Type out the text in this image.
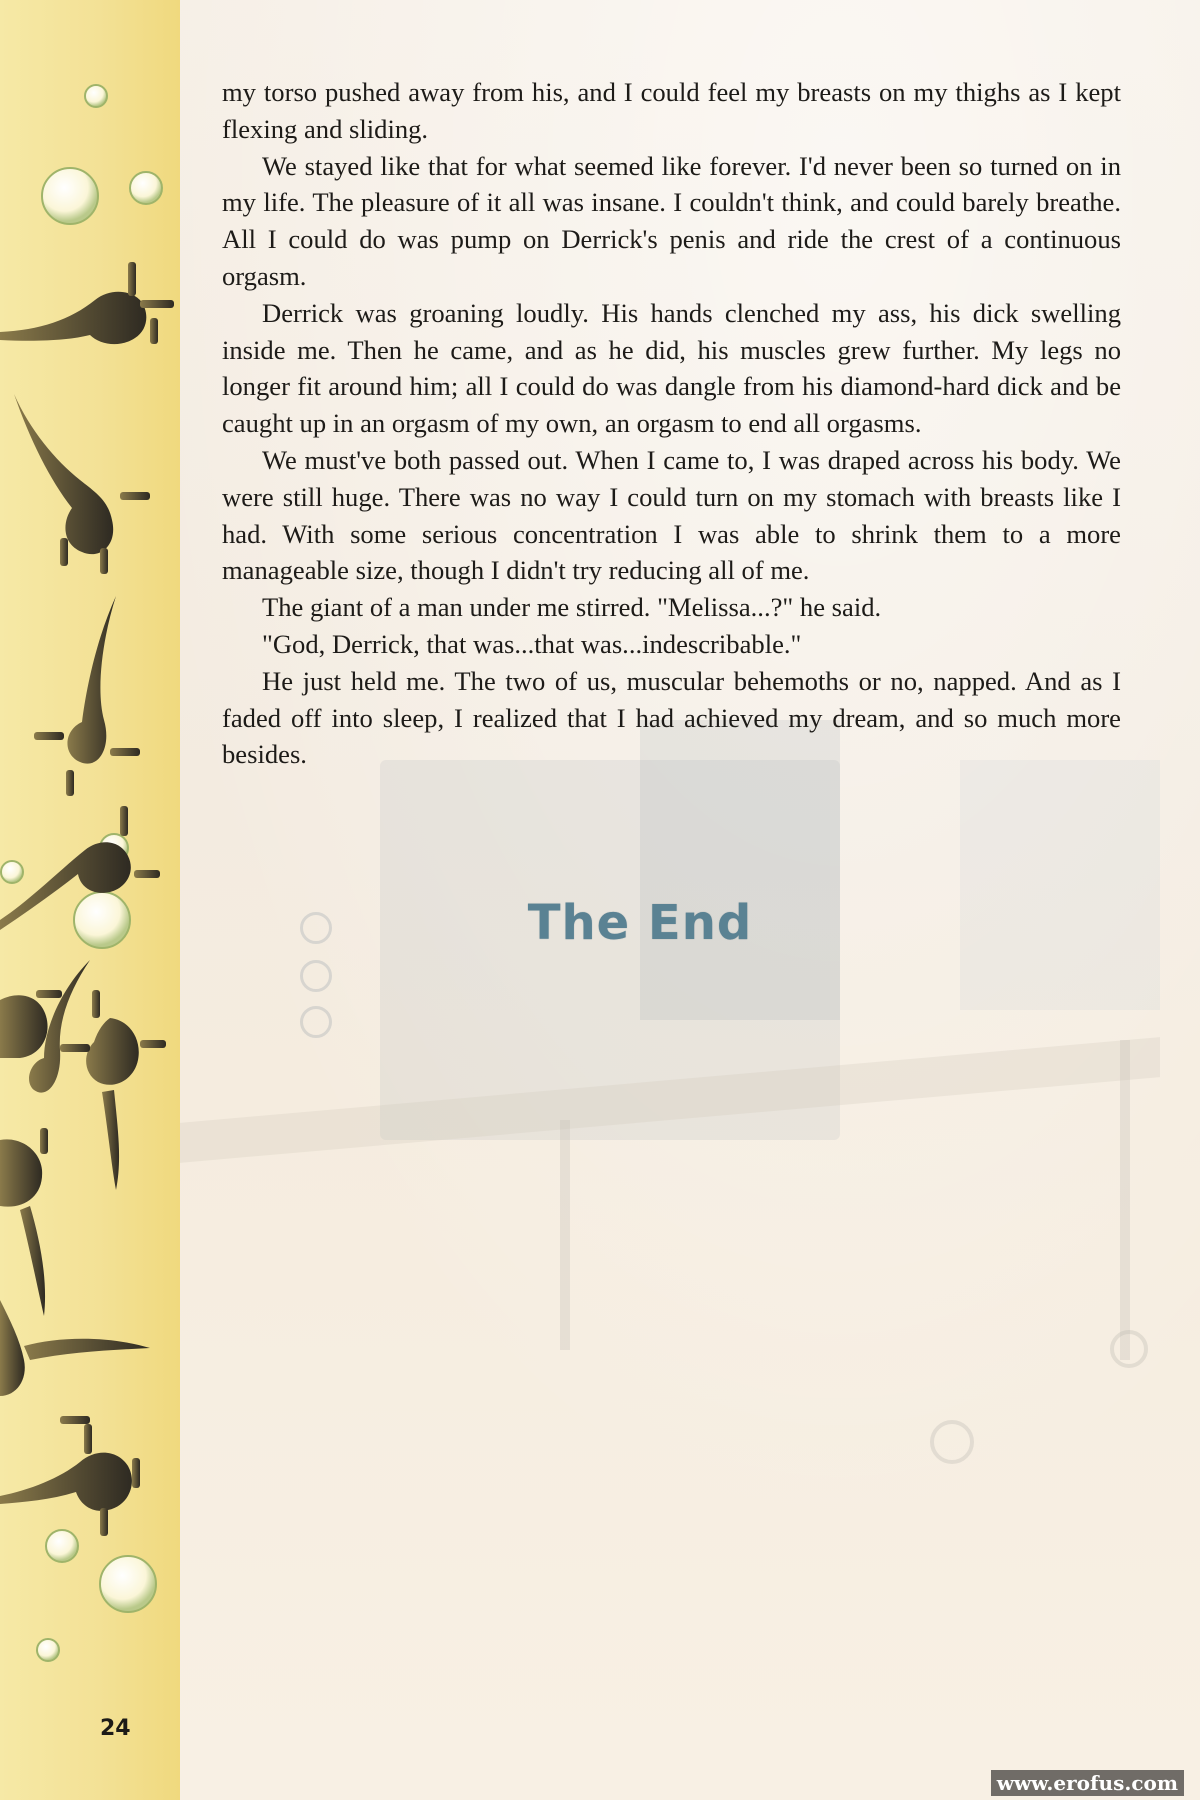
my torso pushed away from his, and I could feel my breasts on my thighs as I kept flexing and sliding.

We stayed like that for what seemed like forever. I'd never been so turned on in my life. The pleasure of it all was insane. I couldn't think, and could barely breathe. All I could do was pump on Derrick's penis and ride the crest of a continuous orgasm.

Derrick was groaning loudly. His hands clenched my ass, his dick swelling inside me. Then he came, and as he did, his muscles grew further. My legs no longer fit around him; all I could do was dangle from his diamond-hard dick and be caught up in an orgasm of my own, an orgasm to end all orgasms.

We must've both passed out. When I came to, I was draped across his body. We were still huge. There was no way I could turn on my stomach with breasts like I had. With some serious concentration I was able to shrink them to a more manageable size, though I didn't try reducing all of me.

The giant of a man under me stirred. "Melissa...?" he said.

"God, Derrick, that was...that was...indescribable."

He just held me. The two of us, muscular behemoths or no, napped. And as I faded off into sleep, I realized that I had achieved my dream, and so much more besides.

The End
24
www.erofus.com
